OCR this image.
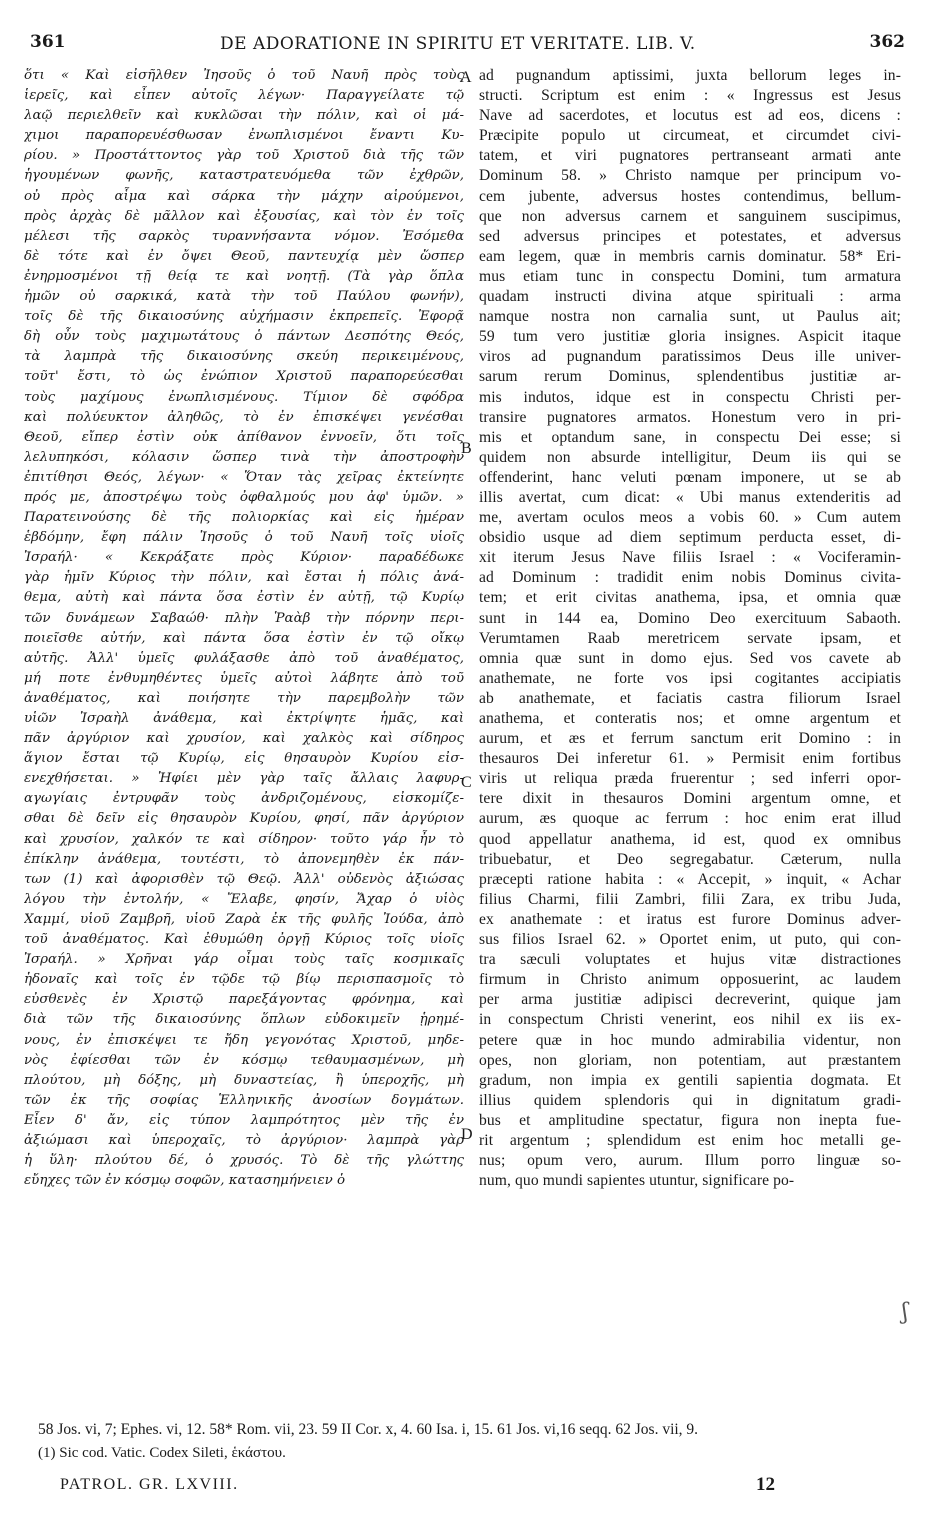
361	DE ADORATIONE IN SPIRITU ET VERITATE. LIB. V.	362
ὅτι « Καὶ εἰσῆλθεν Ἰησοῦς ὁ τοῦ Ναυῆ πρὸς τοὺς
ἱερεῖς, καὶ εἶπεν αὐτοῖς λέγων· Παραγγείλατε τῷ
λαῷ περιελθεῖν καὶ κυκλῶσαι τὴν πόλιν, καὶ οἱ μά-
χιμοι παραπορευέσθωσαν ἐνωπλισμένοι ἔναντι Κυ-
ρίου. » Προστάττοντος γὰρ τοῦ Χριστοῦ διὰ τῆς τῶν
ἡγουμένων φωνῆς, καταστρατευόμεθα τῶν ἐχθρῶν,
οὐ πρὸς αἷμα καὶ σάρκα τὴν μάχην αἱρούμενοι,
πρὸς ἀρχὰς δὲ μᾶλλον καὶ ἐξουσίας, καὶ τὸν ἐν τοῖς
μέλεσι τῆς σαρκὸς τυραννήσαντα νόμον. Ἐσόμεθα
δὲ τότε καὶ ἐν ὄψει Θεοῦ, παντευχίᾳ μὲν ὥσπερ
ἐνηρμοσμένοι τῇ θείᾳ τε καὶ νοητῇ. (Τὰ γὰρ ὅπλα
ἡμῶν οὐ σαρκικά, κατὰ τὴν τοῦ Παύλου φωνήν),
τοῖς δὲ τῆς δικαιοσύνης αὐχήμασιν ἐκπρεπεῖς. Ἐφορᾷ
δὴ οὖν τοὺς μαχιμωτάτους ὁ πάντων Δεσπότης Θεός,
τὰ λαμπρὰ τῆς δικαιοσύνης σκεύη περικειμένους,
τοῦτ' ἔστι, τὸ ὡς ἐνώπιον Χριστοῦ παραπορεύεσθαι
τοὺς μαχίμους ἐνωπλισμένους. Τίμιον δὲ σφόδρα
καὶ πολύευκτον ἀληθῶς, τὸ ἐν ἐπισκέψει γενέσθαι
Θεοῦ, εἴπερ ἐστὶν οὐκ ἀπίθανον ἐννοεῖν, ὅτι τοῖς
λελυπηκόσι, κόλασιν ὥσπερ τινὰ τὴν ἀποστροφὴν
ἐπιτίθησι Θεός, λέγων· « Ὅταν τὰς χεῖρας ἐκτείνητε
πρός με, ἀποστρέψω τοὺς ὀφθαλμούς μου ἀφ' ὑμῶν. »
Παρατεινούσης δὲ τῆς πολιορκίας καὶ εἰς ἡμέραν
ἑβδόμην, ἔφη πάλιν Ἰησοῦς ὁ τοῦ Ναυῆ τοῖς υἱοῖς
Ἰσραήλ· « Κεκράξατε πρὸς Κύριον· παραδέδωκε
γὰρ ἡμῖν Κύριος τὴν πόλιν, καὶ ἔσται ἡ πόλις ἀνά-
θεμα, αὐτὴ καὶ πάντα ὅσα ἐστὶν ἐν αὐτῇ, τῷ Κυρίῳ
τῶν δυνάμεων Σαβαώθ· πλὴν Ῥαὰβ τὴν πόρνην περι-
ποιεῖσθε αὐτήν, καὶ πάντα ὅσα ἐστὶν ἐν τῷ οἴκῳ
αὐτῆς. Ἀλλ' ὑμεῖς φυλάξασθε ἀπὸ τοῦ ἀναθέματος,
μή ποτε ἐνθυμηθέντες ὑμεῖς αὐτοὶ λάβητε ἀπὸ τοῦ
ἀναθέματος, καὶ ποιήσητε τὴν παρεμβολὴν τῶν
υἱῶν Ἰσραὴλ ἀνάθεμα, καὶ ἐκτρίψητε ἡμᾶς, καὶ
πᾶν ἀργύριον καὶ χρυσίον, καὶ χαλκὸς καὶ σίδηρος
ἅγιον ἔσται τῷ Κυρίῳ, εἰς θησαυρὸν Κυρίου εἰσ-
ενεχθήσεται. » Ἠφίει μὲν γὰρ ταῖς ἄλλαις λαφυρ-
αγωγίαις ἐντρυφᾶν τοὺς ἀνδριζομένους, εἰσκομίζε-
σθαι δὲ δεῖν εἰς θησαυρὸν Κυρίου, φησί, πᾶν ἀργύριον
καὶ χρυσίον, χαλκόν τε καὶ σίδηρον· τοῦτο γάρ ἦν τὸ
ἐπίκλην ἀνάθεμα, τουτέστι, τὸ ἀπονεμηθὲν ἐκ πάν-
των (1) καὶ ἀφορισθὲν τῷ Θεῷ. Ἀλλ' οὐδενὸς ἀξιώσας
λόγου τὴν ἐντολήν, « Ἔλαβε, φησίν, Ἄχαρ ὁ υἱὸς
Χαμμί, υἱοῦ Ζαμβρῆ, υἱοῦ Ζαρὰ ἐκ τῆς φυλῆς Ἰούδα, ἀπὸ
τοῦ ἀναθέματος. Καὶ ἐθυμώθη ὀργῇ Κύριος τοῖς υἱοῖς
Ἰσραήλ. » Χρῆναι γάρ οἶμαι τοὺς ταῖς κοσμικαῖς
ἡδοναῖς καὶ τοῖς ἐν τῷδε τῷ βίῳ περισπασμοῖς τὸ
εὐσθενὲς ἐν Χριστῷ παρεξάγοντας φρόνημα, καὶ
διὰ τῶν τῆς δικαιοσύνης ὅπλων εὐδοκιμεῖν ᾑρημέ-
νους, ἐν ἐπισκέψει τε ἤδη γεγονότας Χριστοῦ, μηδε-
νὸς ἐφίεσθαι τῶν ἐν κόσμῳ τεθαυμασμένων, μὴ
πλούτου, μὴ δόξης, μὴ δυναστείας, ἢ ὑπεροχῆς, μὴ
τῶν ἐκ τῆς σοφίας Ἑλληνικῆς ἀνοσίων δογμάτων.
Εἶεν δ' ἄν, εἰς τύπον λαμπρότητος μὲν τῆς ἐν
ἀξιώμασι καὶ ὑπεροχαῖς, τὸ ἀργύριον· λαμπρὰ γὰρ
ἡ ὕλη· πλούτου δέ, ὁ χρυσός. Τὸ δὲ τῆς γλώττης
εὔηχες τῶν ἐν κόσμῳ σοφῶν, κατασημήνειεν ὁ
ad pugnandum aptissimi, juxta bellorum leges in-
structi. Scriptum est enim : « Ingressus est Jesus
Nave ad sacerdotes, et locutus est ad eos, dicens :
Præcipite populo ut circumeat, et circumdet civi-
tatem, et viri pugnatores pertranseant armati ante
Dominum 58. » Christo namque per principum vo-
cem jubente, adversus hostes contendimus, bellum-
que non adversus carnem et sanguinem suscipimus,
sed adversus principes et potestates, et adversus
eam legem, quæ in membris carnis dominatur. 58* Eri-
mus etiam tunc in conspectu Domini, tum armatura
quadam instructi divina atque spirituali : arma
namque nostra non carnalia sunt, ut Paulus ait;
59 tum vero justitiæ gloria insignes. Aspicit itaque
viros ad pugnandum paratissimos Deus ille univer-
sarum rerum Dominus, splendentibus justitiæ ar-
mis indutos, idque est in conspectu Christi per-
transire pugnatores armatos. Honestum vero in pri-
mis et optandum sane, in conspectu Dei esse; si
quidem non absurde intelligitur, Deum iis qui se
offenderint, hanc veluti pœnam imponere, ut se ab
illis avertat, cum dicat: « Ubi manus extenderitis ad
me, avertam oculos meos a vobis 60. » Cum autem
obsidio usque ad diem septimum perducta esset, di-
xit iterum Jesus Nave filiis Israel : « Vociferamin-
ad Dominum : tradidit enim nobis Dominus civita-
tem; et erit civitas anathema, ipsa, et omnia quæ
sunt in 144 ea, Domino Deo exercituum Sabaoth.
Verumtamen Raab meretricem servate ipsam, et
omnia quæ sunt in domo ejus. Sed vos cavete ab
anathemate, ne forte vos ipsi cogitantes accipiatis
ab anathemate, et faciatis castra filiorum Israel
anathema, et conteratis nos; et omne argentum et
aurum, et æs et ferrum sanctum erit Domino : in
thesauros Dei inferetur 61. » Permisit enim fortibus
viris ut reliqua præda fruerentur ; sed inferri opor-
tere dixit in thesauros Domini argentum omne, et
aurum, æs quoque ac ferrum : hoc enim erat illud
quod appellatur anathema, id est, quod ex omnibus
tribuebatur, et Deo segregabatur. Cæterum, nulla
præcepti ratione habita : « Accepit, » inquit, « Achar
filius Charmi, filii Zambri, filii Zara, ex tribu Juda,
ex anathemate : et iratus est furore Dominus adver-
sus filios Israel 62. » Oportet enim, ut puto, qui con-
tra sæculi voluptates et hujus vitæ distractiones
firmum in Christo animum opposuerint, ac laudem
per arma justitiæ adipisci decreverint, quique jam
in conspectum Christi venerint, eos nihil ex iis ex-
petere quæ in hoc mundo admirabilia videntur, non
opes, non gloriam, non potentiam, aut præstantem
gradum, non impia ex gentili sapientia dogmata. Et
illius quidem splendoris qui in dignitatum gradi-
bus et amplitudine spectatur, figura non inepta fue-
rit argentum ; splendidum est enim hoc metalli ge-
nus; opum vero, aurum. Illum porro linguæ so-
num, quo mundi sapientes utuntur, significare po-
A
B
C
D
ʃ
58 Jos. vi, 7; Ephes. vi, 12. 58* Rom. vii, 23. 59 II Cor. x, 4. 60 Isa. i, 15. 61 Jos. vi,16 seqq. 62 Jos. vii, 9.
(1) Sic cod. Vatic. Codex Sileti, ἑκάστου.
PATROL. GR. LXVIII.	12
